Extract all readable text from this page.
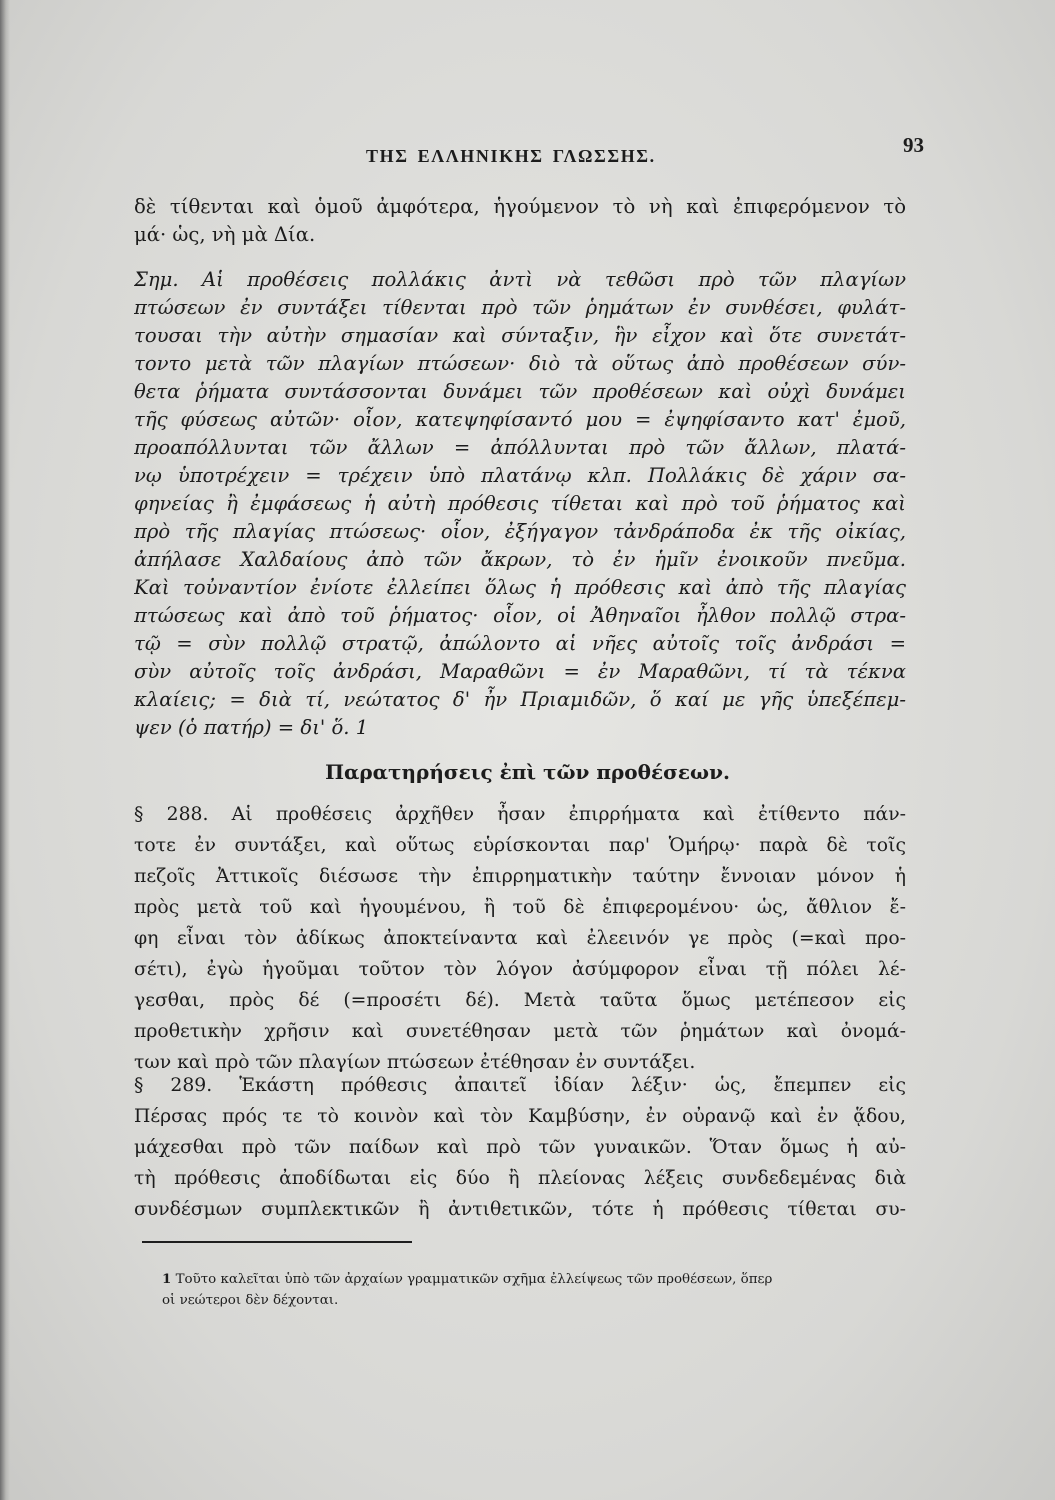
ΤΗΣ ΕΛΛΗΝΙΚΗΣ ΓΛΩΣΣΗΣ.	93
δὲ τίθενται καὶ ὁμοῦ ἀμφότερα, ἡγούμενον τὸ νὴ καὶ ἐπιφερόμενον τὸ
μά· ὡς, νὴ μὰ Δία.
Σημ. Αἱ προθέσεις πολλάκις ἀντὶ νὰ τεθῶσι πρὸ τῶν πλαγίων
πτώσεων ἐν συντάξει τίθενται πρὸ τῶν ῥημάτων ἐν συνθέσει, φυλάτ-
τουσαι τὴν αὐτὴν σημασίαν καὶ σύνταξιν, ἣν εἶχον καὶ ὅτε συνετάτ-
τοντο μετὰ τῶν πλαγίων πτώσεων· διὸ τὰ οὕτως ἀπὸ προθέσεων σύν-
θετα ῥήματα συντάσσονται δυνάμει τῶν προθέσεων καὶ οὐχὶ δυνάμει
τῆς φύσεως αὐτῶν· οἷον, κατεψηφίσαντό μου = ἐψηφίσαντο κατ' ἐμοῦ,
προαπόλλυνται τῶν ἄλλων = ἀπόλλυνται πρὸ τῶν ἄλλων, πλατά-
νῳ ὑποτρέχειν = τρέχειν ὑπὸ πλατάνῳ κλπ. Πολλάκις δὲ χάριν σα-
φηνείας ἢ ἐμφάσεως ἡ αὐτὴ πρόθεσις τίθεται καὶ πρὸ τοῦ ῥήματος καὶ
πρὸ τῆς πλαγίας πτώσεως· οἷον, ἐξήγαγον τἀνδράποδα ἐκ τῆς οἰκίας,
ἀπήλασε Χαλδαίους ἀπὸ τῶν ἄκρων, τὸ ἐν ἡμῖν ἐνοικοῦν πνεῦμα.
Καὶ τοὐναντίον ἐνίοτε ἐλλείπει ὅλως ἡ πρόθεσις καὶ ἀπὸ τῆς πλαγίας
πτώσεως καὶ ἀπὸ τοῦ ῥήματος· οἷον, οἱ Ἀθηναῖοι ἦλθον πολλῷ στρα-
τῷ = σὺν πολλῷ στρατῷ, ἀπώλοντο αἱ νῆες αὐτοῖς τοῖς ἀνδράσι =
σὺν αὐτοῖς τοῖς ἀνδράσι, Μαραθῶνι = ἐν Μαραθῶνι, τί τὰ τέκνα
κλαίεις; = διὰ τί, νεώτατος δ' ἦν Πριαμιδῶν, ὅ καί με γῆς ὑπεξέπεμ-
ψεν (ὁ πατήρ) = δι' ὅ. 1
Παρατηρήσεις ἐπὶ τῶν προθέσεων.
§ 288. Αἱ προθέσεις ἀρχῆθεν ἦσαν ἐπιρρήματα καὶ ἐτίθεντο πάν-
τοτε ἐν συντάξει, καὶ οὕτως εὑρίσκονται παρ' Ὁμήρῳ· παρὰ δὲ τοῖς
πεζοῖς Ἀττικοῖς διέσωσε τὴν ἐπιρρηματικὴν ταύτην ἔννοιαν μόνον ἡ
πρὸς μετὰ τοῦ καὶ ἡγουμένου, ἢ τοῦ δὲ ἐπιφερομένου· ὡς, ἄθλιον ἔ-
φη εἶναι τὸν ἀδίκως ἀποκτείναντα καὶ ἐλεεινόν γε πρὸς (=καὶ προ-
σέτι), ἐγὼ ἡγοῦμαι τοῦτον τὸν λόγον ἀσύμφορον εἶναι τῇ πόλει λέ-
γεσθαι, πρὸς δέ (=προσέτι δέ). Μετὰ ταῦτα ὅμως μετέπεσον εἰς
προθετικὴν χρῆσιν καὶ συνετέθησαν μετὰ τῶν ῥημάτων καὶ ὀνομά-
των καὶ πρὸ τῶν πλαγίων πτώσεων ἐτέθησαν ἐν συντάξει.
§ 289. Ἑκάστη πρόθεσις ἀπαιτεῖ ἰδίαν λέξιν· ὡς, ἔπεμπεν εἰς
Πέρσας πρός τε τὸ κοινὸν καὶ τὸν Καμβύσην, ἐν οὐρανῷ καὶ ἐν ᾅδου,
μάχεσθαι πρὸ τῶν παίδων καὶ πρὸ τῶν γυναικῶν. Ὅταν ὅμως ἡ αὐ-
τὴ πρόθεσις ἀποδίδωται εἰς δύο ἢ πλείονας λέξεις συνδεδεμένας διὰ
συνδέσμων συμπλεκτικῶν ἢ ἀντιθετικῶν, τότε ἡ πρόθεσις τίθεται συ-
1 Τοῦτο καλεῖται ὑπὸ τῶν ἀρχαίων γραμματικῶν σχῆμα ἐλλείψεως τῶν προθέσεων, ὅπερ
οἱ νεώτεροι δὲν δέχονται.
